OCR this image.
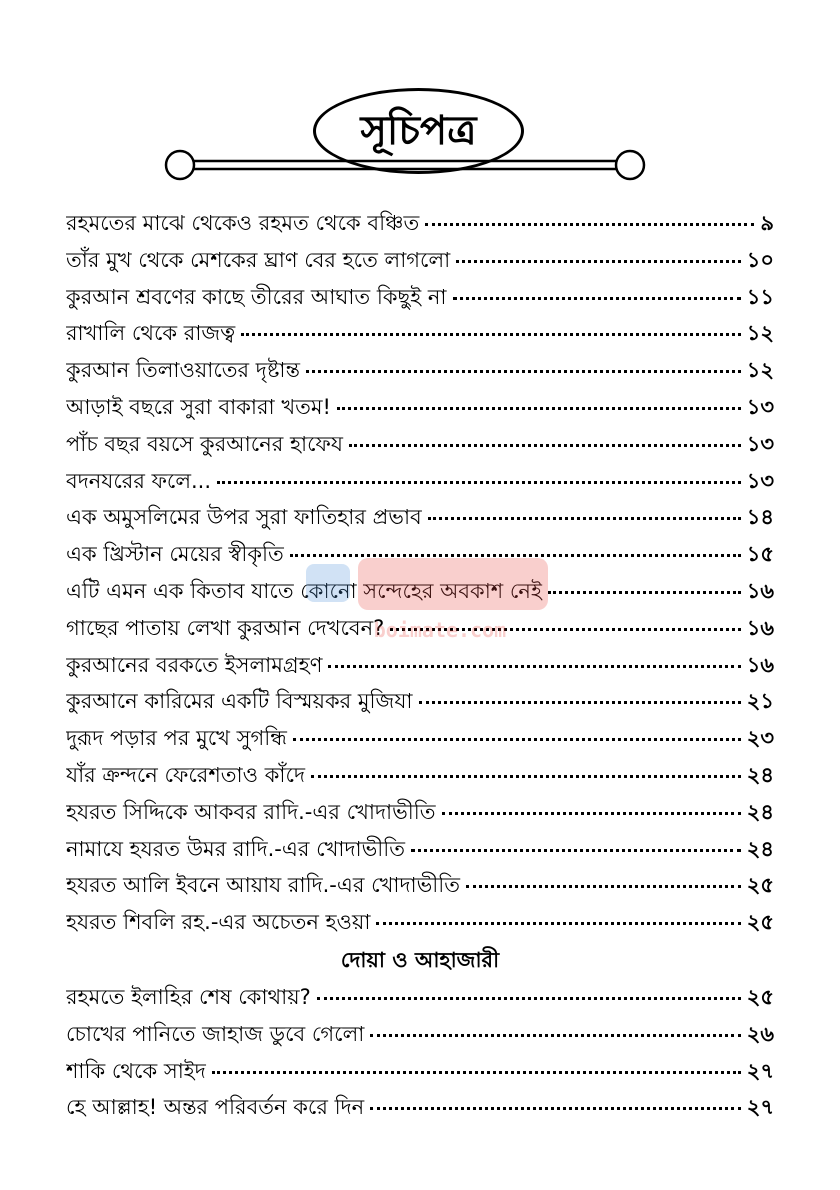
সূচিপত্র
রহমতের মাঝে থেকেও রহমত থেকে বঞ্চিত	৯
তাঁর মুখ থেকে মেশকের ঘ্রাণ বের হতে লাগলো	১০
কুরআন শ্রবণের কাছে তীরের আঘাত কিছুই না	১১
রাখালি থেকে রাজত্ব	১২
কুরআন তিলাওয়াতের দৃষ্টান্ত	১২
আড়াই বছরে সুরা বাকারা খতম!	১৩
পাঁচ বছর বয়সে কুরআনের হাফেয	১৩
বদনযরের ফলে...	১৩
এক অমুসলিমের উপর সুরা ফাতিহার প্রভাব	১৪
এক খ্রিস্টান মেয়ের স্বীকৃতি	১৫
এটি এমন এক কিতাব যাতে কোনো সন্দেহের অবকাশ নেই	১৬
গাছের পাতায় লেখা কুরআন দেখবেন?	১৬
কুরআনের বরকতে ইসলামগ্রহণ	১৬
কুরআনে কারিমের একটি বিস্ময়কর মুজিযা	২১
দুরূদ পড়ার পর মুখে সুগন্ধি	২৩
যাঁর ক্রন্দনে ফেরেশতাও কাঁদে	২৪
হযরত সিদ্দিকে আকবর রাদি.-এর খোদাভীতি	২৪
নামাযে হযরত উমর রাদি.-এর খোদাভীতি	২৪
হযরত আলি ইবনে আয়ায রাদি.-এর খোদাভীতি	২৫
হযরত শিবলি রহ.-এর অচেতন হওয়া	২৫
দোয়া ও আহাজারী
রহমতে ইলাহির শেষ কোথায়?	২৫
চোখের পানিতে জাহাজ ডুবে গেলো	২৬
শাকি থেকে সাইদ	২৭
হে আল্লাহ! অন্তর পরিবর্তন করে দিন	২৭
boimate.com
